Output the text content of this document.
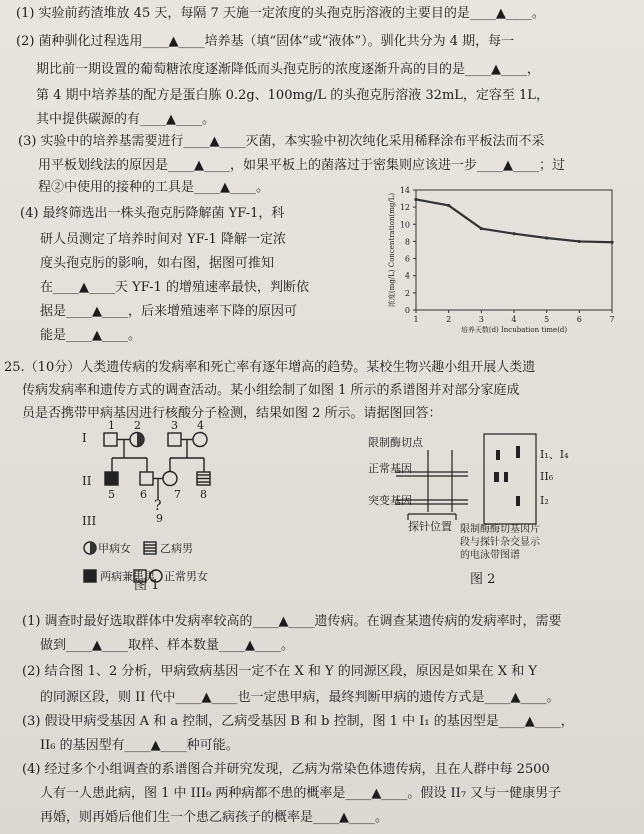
(1) 实验前药渣堆放 45 天，每隔 7 天施一定浓度的头孢克肟溶液的主要目的是____▲____。
(2) 菌种驯化过程选用____▲____培养基（填“固体”或“液体”）。驯化共分为 4 期，每一
期比前一期设置的葡萄糖浓度逐渐降低而头孢克肟的浓度逐渐升高的目的是____▲____，
第 4 期中培养基的配方是蛋白胨 0.2g、100mg/L 的头孢克肟溶液 32mL，定容至 1L，
其中提供碳源的有____▲____。
(3) 实验中的培养基需要进行____▲____灭菌，本实验中初次纯化采用稀释涂布平板法而不采
用平板划线法的原因是____▲____，如果平板上的菌落过于密集则应该进一步____▲____；过
程②中使用的接种的工具是____▲____。
(4) 最终筛选出一株头孢克肟降解菌 YF-1，科
研人员测定了培养时间对 YF-1 降解一定浓
度头孢克肟的影响，如右图，据图可推知
在____▲____天 YF-1 的增殖速率最快，判断依
据是____▲____，后来增殖速率下降的原因可
能是____▲____。
0
2
4
6
8
10
12
14
1	2	3	4	5	6	7
培养天数(d) Incubation time(d)
浓度(mg/L) Concentration(mg/L)
25.（10分）人类遗传病的发病率和死亡率有逐年增高的趋势。某校生物兴趣小组开展人类遗
传病发病率和遗传方式的调查活动。某小组绘制了如图 1 所示的系谱图并对部分家庭成
员是否携带甲病基因进行核酸分子检测，结果如图 2 所示。请据图回答：
I
II
III
?
1 2	3 4
5 6 7 8
9
甲病女	乙病男
两病兼患男 正常男女
图 1
限制酶切点
正常基因
突变基因
探针位置
I₁、I₄
II₆
I₂
限制酶酶切基因片
段与探针杂交显示
的电泳带图谱
图 2
(1) 调查时最好选取群体中发病率较高的____▲____遗传病。在调查某遗传病的发病率时，需要
做到____▲____取样、样本数量____▲____。
(2) 结合图 1、2 分析，甲病致病基因一定不在 X 和 Y 的同源区段，原因是如果在 X 和 Y
的同源区段，则 II 代中____▲____也一定患甲病，最终判断甲病的遗传方式是____▲____。
(3) 假设甲病受基因 A 和 a 控制，乙病受基因 B 和 b 控制，图 1 中 I₁ 的基因型是____▲____，
II₆ 的基因型有____▲____种可能。
(4) 经过多个小组调查的系谱图合并研究发现，乙病为常染色体遗传病，且在人群中每 2500
人有一人患此病，图 1 中 III₉ 两种病都不患的概率是____▲____。假设 II₇ 又与一健康男子
再婚，则再婚后他们生一个患乙病孩子的概率是____▲____。
